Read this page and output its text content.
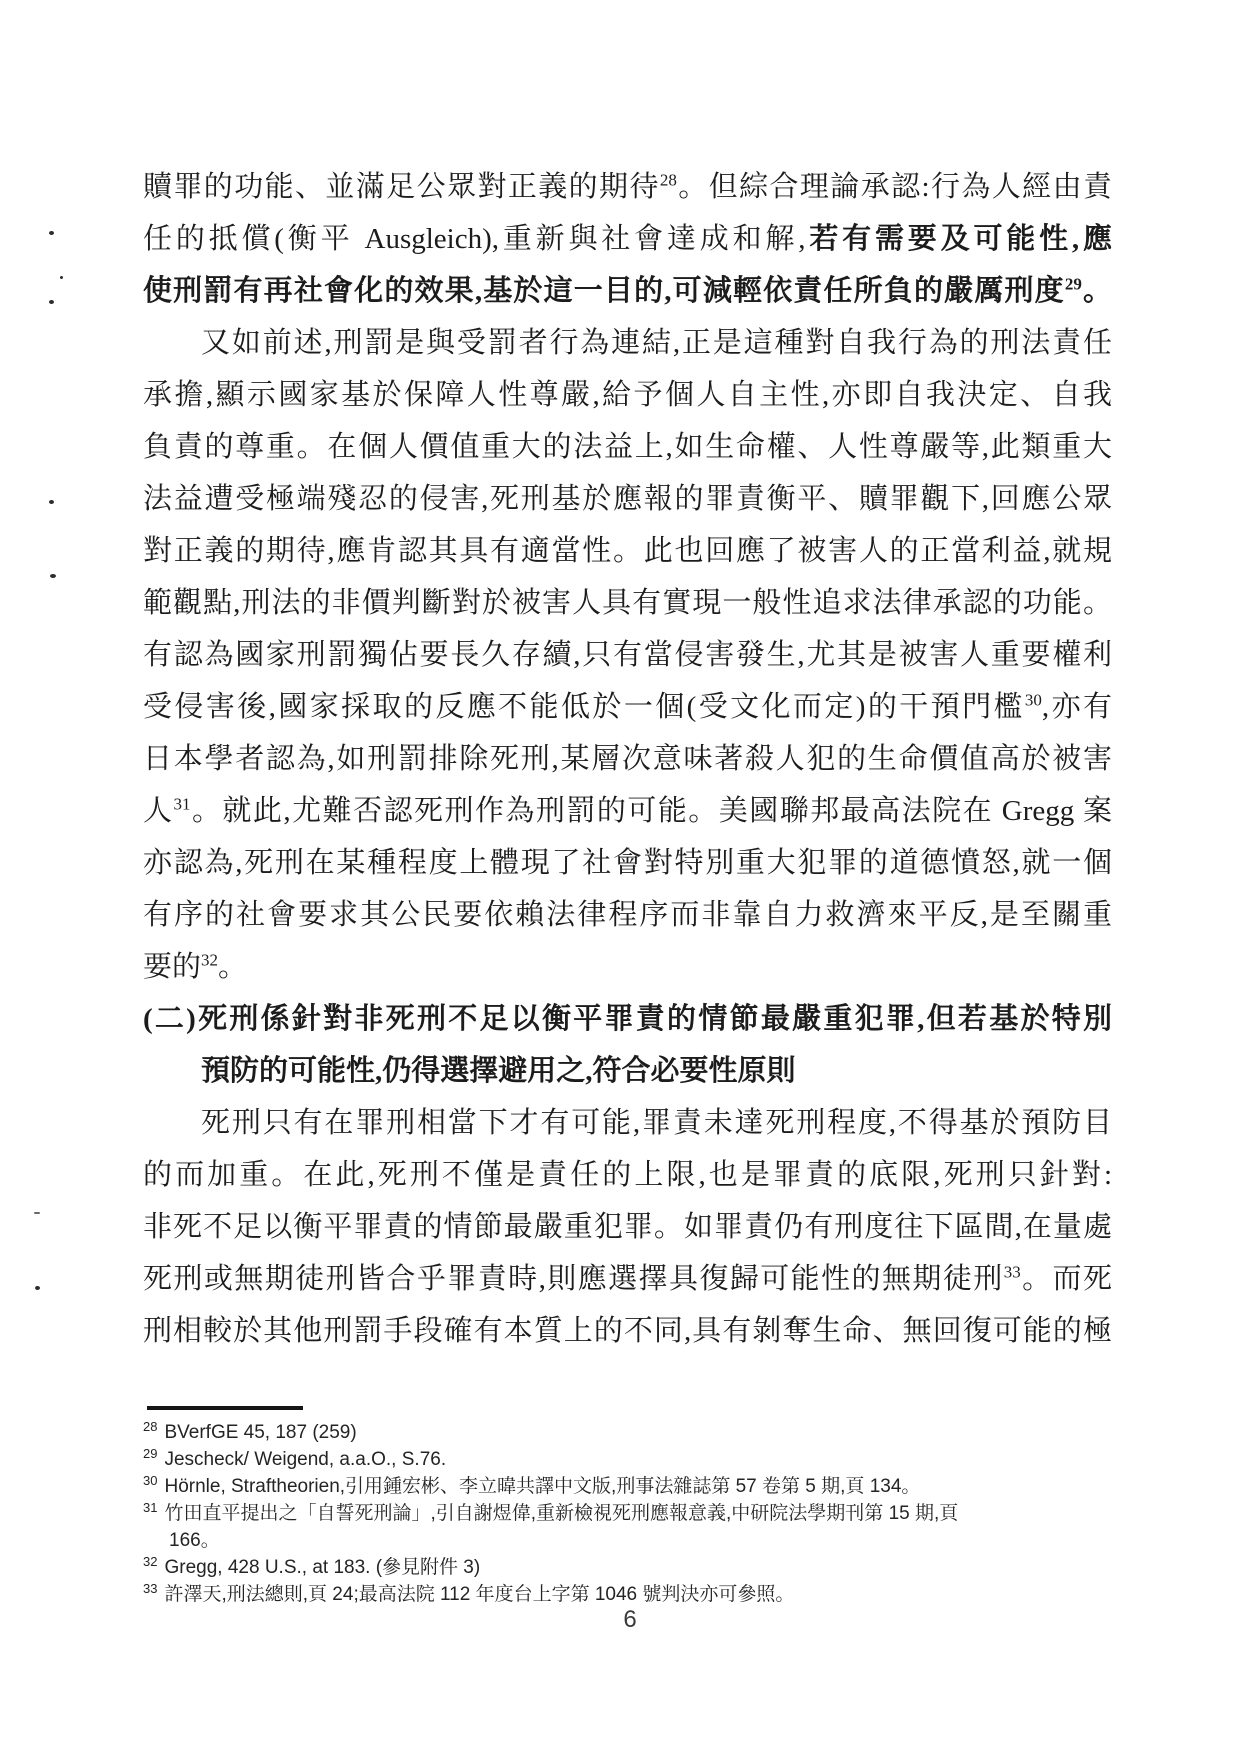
贖罪的功能、並滿足公眾對正義的期待$^{28}$。但綜合理論承認:行為人經由責
任的抵償(衡平 Ausgleich),重新與社會達成和解,若有需要及可能性,應
使刑罰有再社會化的效果,基於這一目的,可減輕依責任所負的嚴厲刑度$^{29}$。
又如前述,刑罰是與受罰者行為連結,正是這種對自我行為的刑法責任
承擔,顯示國家基於保障人性尊嚴,給予個人自主性,亦即自我決定、自我
負責的尊重。在個人價值重大的法益上,如生命權、人性尊嚴等,此類重大
法益遭受極端殘忍的侵害,死刑基於應報的罪責衡平、贖罪觀下,回應公眾
對正義的期待,應肯認其具有適當性。此也回應了被害人的正當利益,就規
範觀點,刑法的非價判斷對於被害人具有實現一般性追求法律承認的功能。
有認為國家刑罰獨佔要長久存續,只有當侵害發生,尤其是被害人重要權利
受侵害後,國家採取的反應不能低於一個(受文化而定)的干預門檻$^{30}$,亦有
日本學者認為,如刑罰排除死刑,某層次意味著殺人犯的生命價值高於被害
人$^{31}$。就此,尤難否認死刑作為刑罰的可能。美國聯邦最高法院在 Gregg 案
亦認為,死刑在某種程度上體現了社會對特別重大犯罪的道德憤怒,就一個
有序的社會要求其公民要依賴法律程序而非靠自力救濟來平反,是至關重
要的$^{32}$。
(二)死刑係針對非死刑不足以衡平罪責的情節最嚴重犯罪,但若基於特別
預防的可能性,仍得選擇避用之,符合必要性原則
死刑只有在罪刑相當下才有可能,罪責未達死刑程度,不得基於預防目
的而加重。在此,死刑不僅是責任的上限,也是罪責的底限,死刑只針對:
非死不足以衡平罪責的情節最嚴重犯罪。如罪責仍有刑度往下區間,在量處
死刑或無期徒刑皆合乎罪責時,則應選擇具復歸可能性的無期徒刑$^{33}$。而死
刑相較於其他刑罰手段確有本質上的不同,具有剝奪生命、無回復可能的極
$^{28}$ BVerfGE 45, 187 (259)
$^{29}$ Jescheck/ Weigend, a.a.O., S.76.
$^{30}$ Hörnle, Straftheorien,引用鍾宏彬、李立暐共譯中文版,刑事法雜誌第 57 卷第 5 期,頁 134。
$^{31}$ 竹田直平提出之「自誓死刑論」,引自謝煜偉,重新檢視死刑應報意義,中研院法學期刊第 15 期,頁
166。
$^{32}$ Gregg, 428 U.S., at 183. (參見附件 3)
$^{33}$ 許澤天,刑法總則,頁 24;最高法院 112 年度台上字第 1046 號判決亦可參照。
6
